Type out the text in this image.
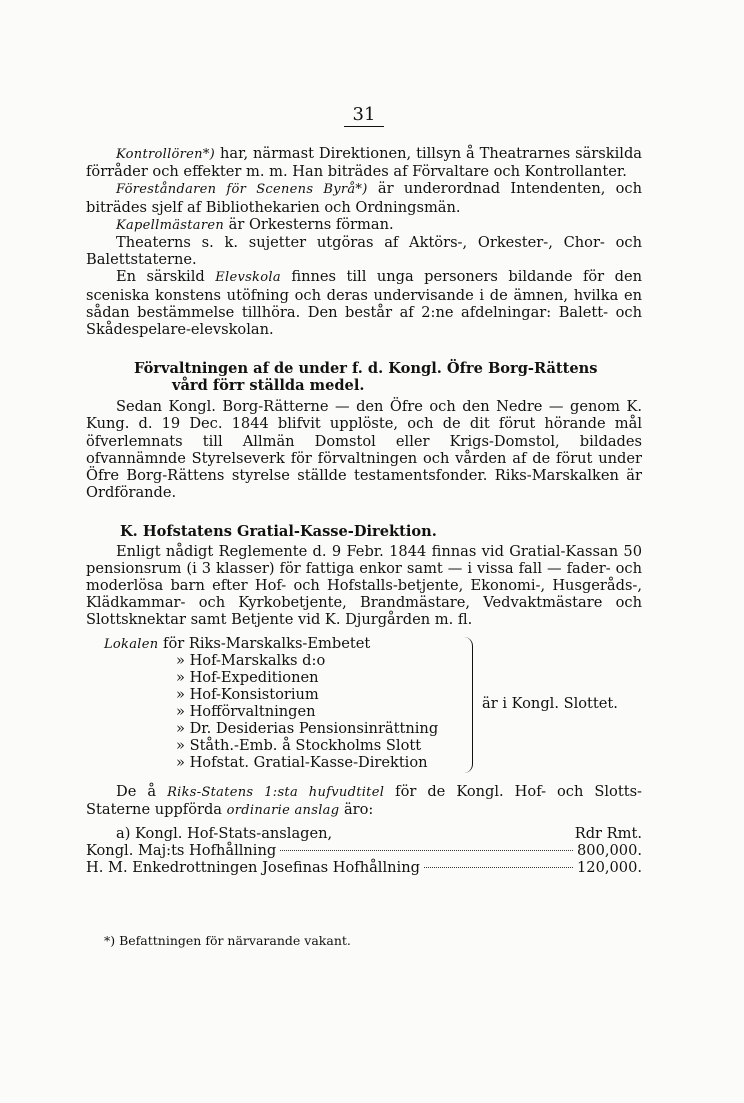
31

Kontrollören*) har, närmast Direktionen, tillsyn å Theatrarnes särskilda förråder och effekter m. m. Han biträdes af Förvaltare och Kontrollanter.

Föreståndaren för Scenens Byrå*) är underordnad Intendenten, och biträdes sjelf af Bibliothekarien och Ordningsmän.

Kapellmästaren är Orkesterns förman.

Theaterns s. k. sujetter utgöras af Aktörs-, Orkester-, Chor- och Balettstaterne.

En särskild Elevskola finnes till unga personers bildande för den sceniska konstens utöfning och deras undervisande i de ämnen, hvilka en sådan bestämmelse tillhöra. Den består af 2:ne afdelningar: Balett- och Skådespelare-elevskolan.

Förvaltningen af de under f. d. Kongl. Öfre Borg-Rättens
vård förr ställda medel.

Sedan Kongl. Borg-Rätterne — den Öfre och den Nedre — genom K. Kung. d. 19 Dec. 1844 blifvit upplöste, och de dit förut hörande mål öfverlemnats till Allmän Domstol eller Krigs-Domstol, bildades ofvannämnde Styrelseverk för förvaltningen och vården af de förut under Öfre Borg-Rättens styrelse ställde testamentsfonder. Riks-Marskalken är Ordförande.

K. Hofstatens Gratial-Kasse-Direktion.

Enligt nådigt Reglemente d. 9 Febr. 1844 finnas vid Gratial-Kassan 50 pensionsrum (i 3 klasser) för fattiga enkor samt — i vissa fall — fader- och moderlösa barn efter Hof- och Hofstalls-betjente, Ekonomi-, Husgeråds-, Klädkammar- och Kyrkobetjente, Brandmästare, Vedvaktmästare och Slottsknektar samt Betjente vid K. Djurgården m. fl.

Lokalen för Riks-Marskalks-Embetet
» Hof-Marskalks d:o
» Hof-Expeditionen
» Hof-Konsistorium
» Hofförvaltningen
» Dr. Desiderias Pensionsinrättning
» Ståth.-Emb. å Stockholms Slott
» Hofstat. Gratial-Kasse-Direktion
är i Kongl. Slottet.

De å Riks-Statens 1:sta hufvudtitel för de Kongl. Hof- och Slotts-Staterne uppförda ordinarie anslag äro:

a) Kongl. Hof-Stats-anslagen,	Rdr Rmt.
Kongl. Maj:ts Hofhållning	800,000.
H. M. Enkedrottningen Josefinas Hofhållning	120,000.
*) Befattningen för närvarande vakant.
